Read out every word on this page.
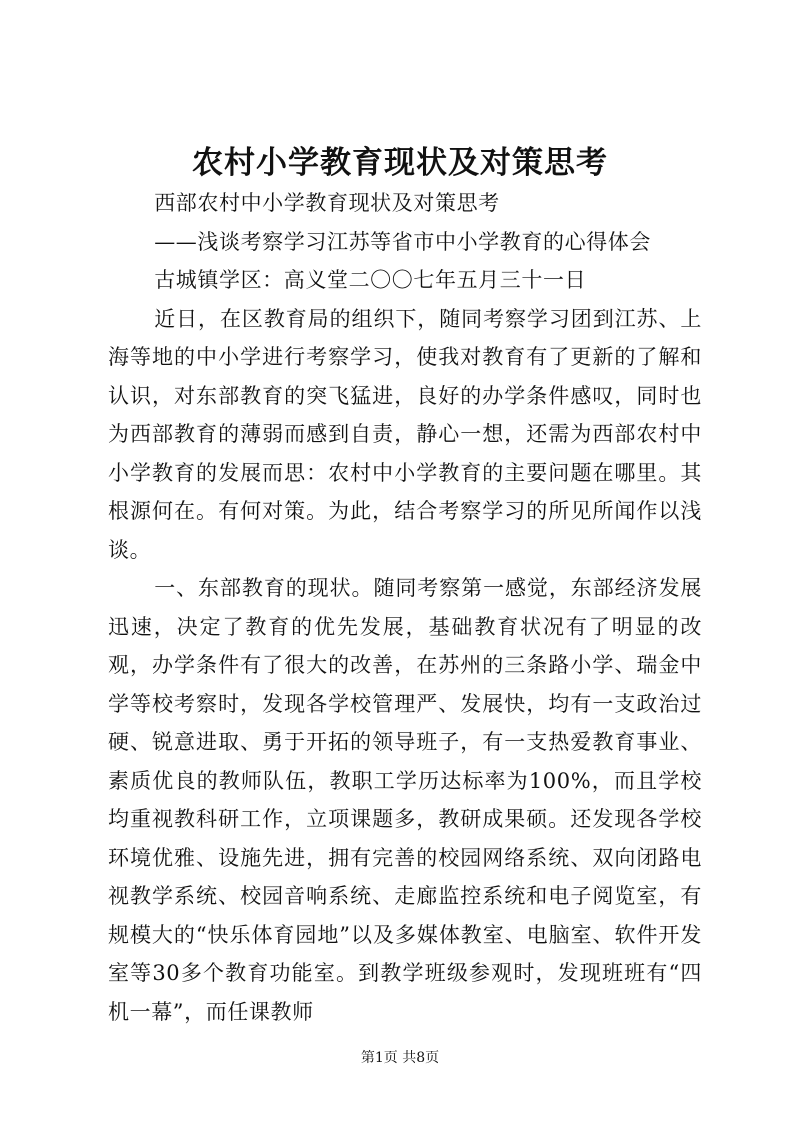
农村小学教育现状及对策思考

西部农村中小学教育现状及对策思考

——浅谈考察学习江苏等省市中小学教育的心得体会

古城镇学区：高义堂二〇〇七年五月三十一日

近日，在区教育局的组织下，随同考察学习团到江苏、上海等地的中小学进行考察学习，使我对教育有了更新的了解和认识，对东部教育的突飞猛进，良好的办学条件感叹，同时也为西部教育的薄弱而感到自责，静心一想，还需为西部农村中小学教育的发展而思：农村中小学教育的主要问题在哪里。其根源何在。有何对策。为此，结合考察学习的所见所闻作以浅谈。

一、东部教育的现状。随同考察第一感觉，东部经济发展迅速，决定了教育的优先发展，基础教育状况有了明显的改观，办学条件有了很大的改善，在苏州的三条路小学、瑞金中学等校考察时，发现各学校管理严、发展快，均有一支政治过硬、锐意进取、勇于开拓的领导班子，有一支热爱教育事业、素质优良的教师队伍，教职工学历达标率为100%，而且学校均重视教科研工作，立项课题多，教研成果硕。还发现各学校环境优雅、设施先进，拥有完善的校园网络系统、双向闭路电视教学系统、校园音响系统、走廊监控系统和电子阅览室，有规模大的“快乐体育园地”以及多媒体教室、电脑室、软件开发室等30多个教育功能室。到教学班级参观时，发现班班有“四机一幕”，而任课教师

第1页 共8页
